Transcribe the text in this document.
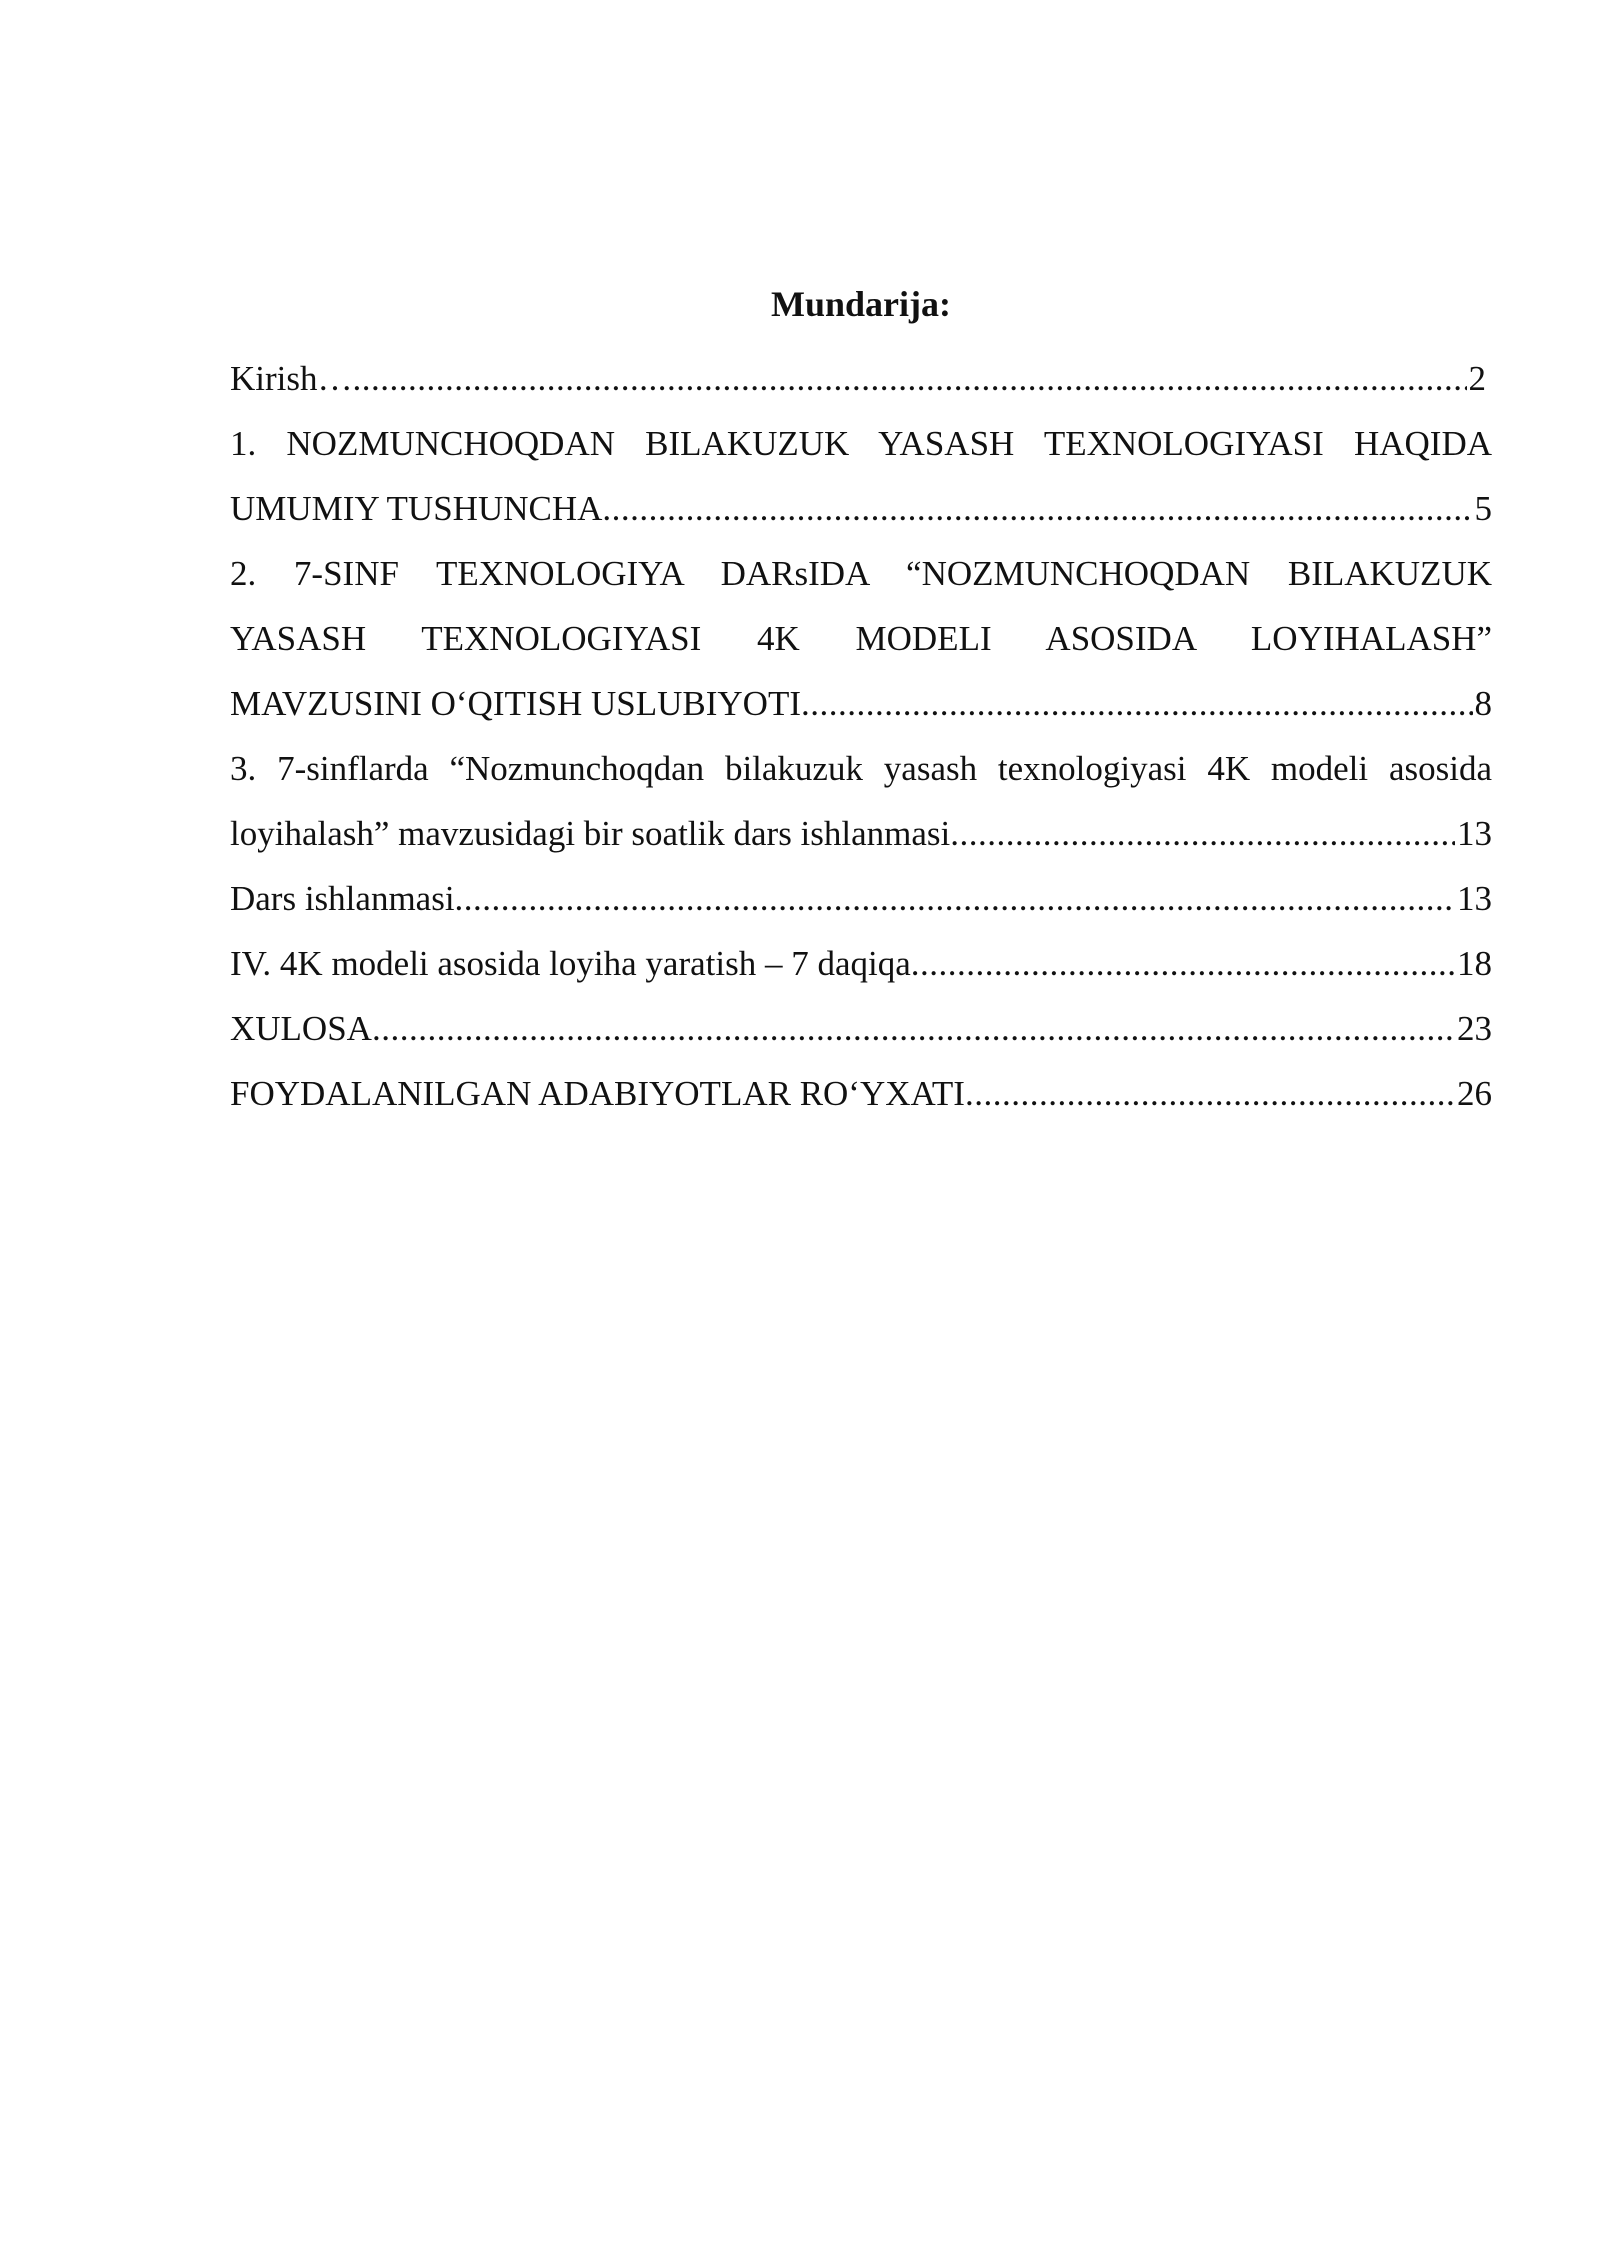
Mundarija:
Kirish… .....	2
1. NOZMUNCHOQDAN BILAKUZUK YASASH TEXNOLOGIYASI HAQIDA
UMUMIY TUSHUNCHA .....	5
2. 7-SINF TEXNOLOGIYA DARsIDA “NOZMUNCHOQDAN BILAKUZUK
YASASH TEXNOLOGIYASI 4K MODELI ASOSIDA LOYIHALASH”
MAVZUSINI O‘QITISH USLUBIYOTI .....	8
3. 7-sinflarda “Nozmunchoqdan bilakuzuk yasash texnologiyasi 4K modeli asosida
loyihalash” mavzusidagi bir soatlik dars ishlanmasi .....	13
Dars ishlanmasi .....	13
IV. 4K modeli asosida loyiha yaratish – 7 daqiqa .....	18
XULOSA .....	23
FOYDALANILGAN ADABIYOTLAR RO‘YXATI .....	26
